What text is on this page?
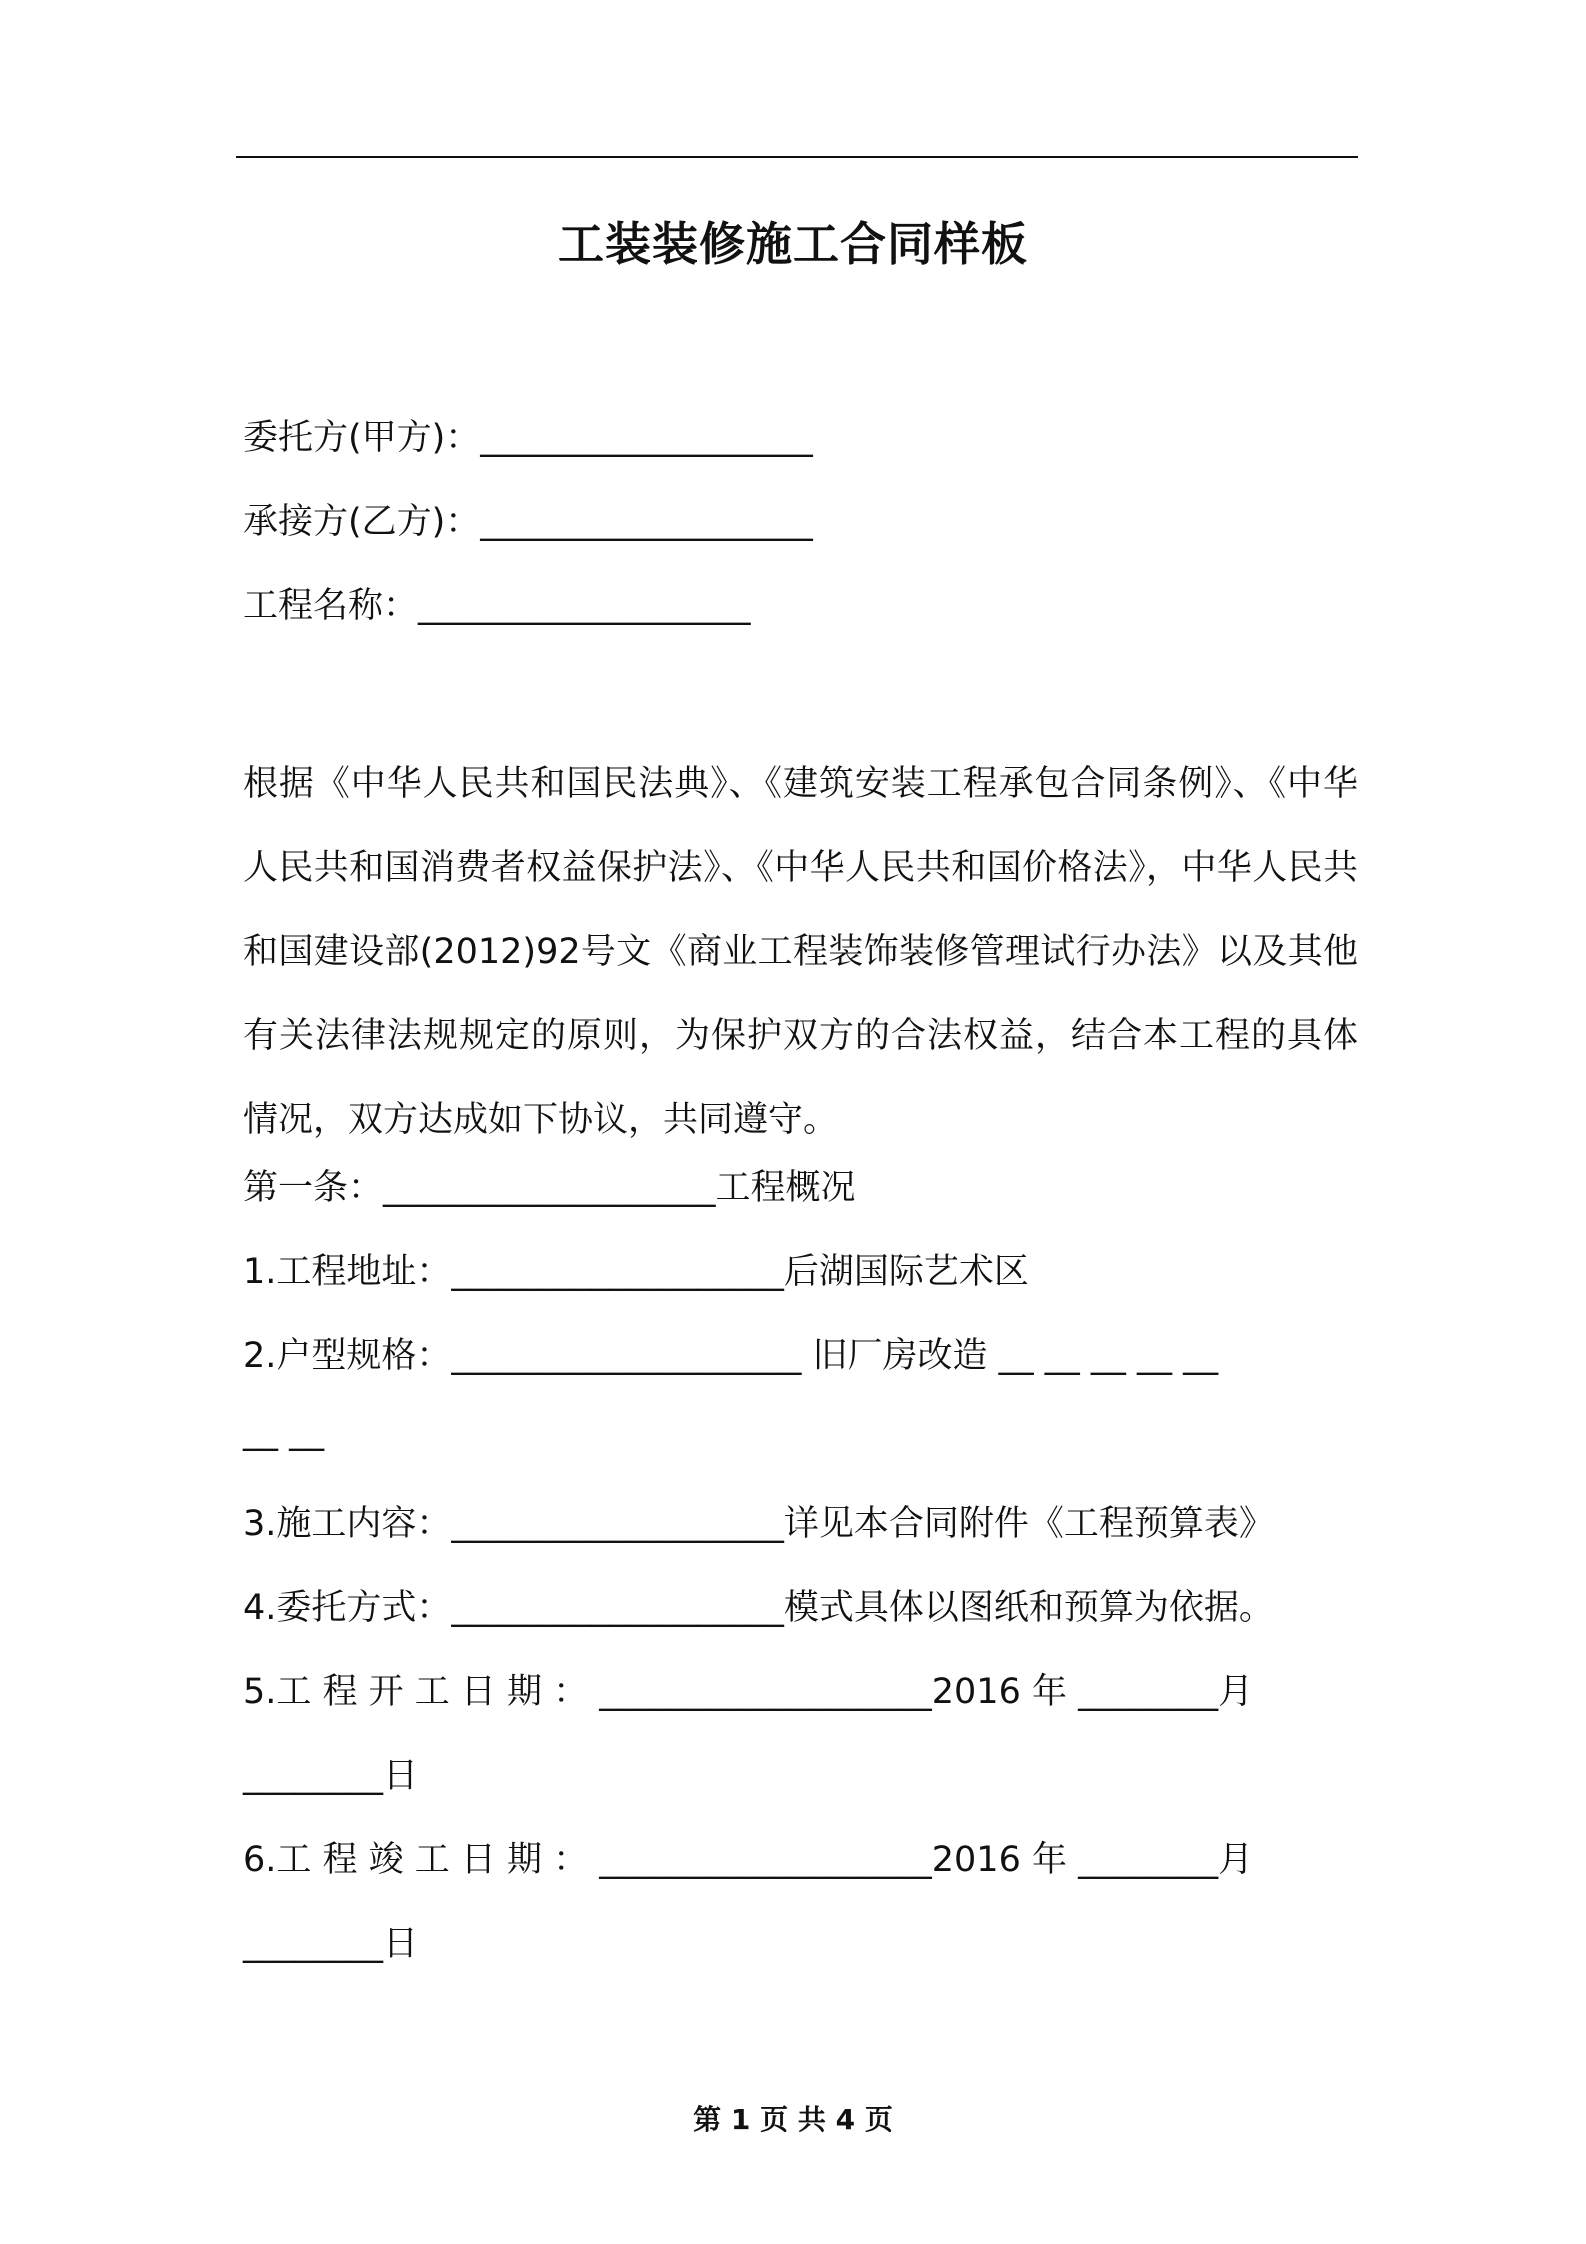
工装装修施工合同样板
委托方(甲方)：___________________
承接方(乙方)：___________________
工程名称：___________________
根据《中华人民共和国民法典》、《建筑安装工程承包合同条例》、《中华人民共和国消费者权益保护法》、《中华人民共和国价格法》，中华人民共和国建设部(2012)92号文《商业工程装饰装修管理试行办法》以及其他有关法律法规规定的原则，为保护双方的合法权益，结合本工程的具体情况，双方达成如下协议，共同遵守。
第一条：___________________工程概况
1.工程地址：___________________后湖国际艺术区
2.户型规格：____________________ 旧厂房改造 __ __ __ __ __
__ __
3.施工内容：___________________详见本合同附件《工程预算表》
4.委托方式：___________________模式具体以图纸和预算为依据。
5.工 程 开 工 日 期 ： ___________________2016 年 ________月
________日
6.工 程 竣 工 日 期 ： ___________________2016 年 ________月
________日
第 1 页 共 4 页
